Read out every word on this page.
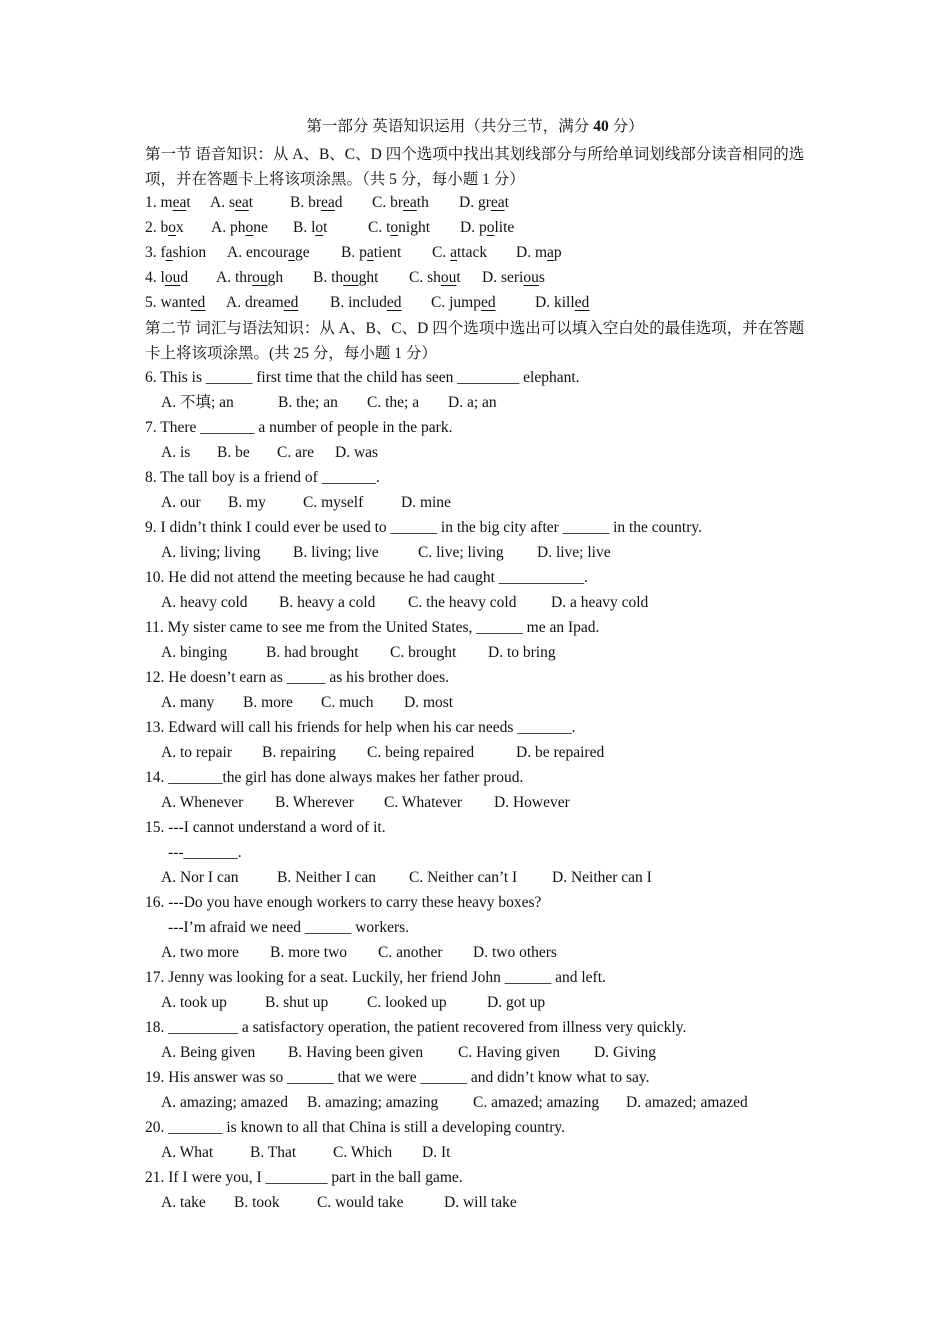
第一部分 英语知识运用（共分三节，满分 40 分）
第一节 语音知识：从 A、B、C、D 四个选项中找出其划线部分与所给单词划线部分读音相同的选项，并在答题卡上将该项涂黑。（共 5 分，每小题 1 分）
1. meat A. seat B. bread C. breath D. great
2. box A. phone B. lot	C. tonight D. polite
3. fashion A. encourage B. patient C. attack D. map
4. loud A. through B. thought C. shout D. serious
5. wanted A. dreamed B. included C. jumped	D. killed
第二节 词汇与语法知识：从 A、B、C、D 四个选项中选出可以填入空白处的最佳选项，并在答题卡上将该项涂黑。(共 25 分，每小题 1 分）
6. This is ______ first time that the child has seen ________ elephant.
A. 不填; an	B. the; an C. the; a D. a; an
7. There _______ a number of people in the park.
A. is B. be C. are D. was
8. The tall boy is a friend of _______.
A. our B. my C. myself D. mine
9. I didn’t think I could ever be used to ______ in the big city after ______ in the country.
A. living; living B. living; live	C. live; living D. live; live
10. He did not attend the meeting because he had caught ___________.
A. heavy cold B. heavy a cold C. the heavy cold D. a heavy cold
11. My sister came to see me from the United States, ______ me an Ipad.
A. binging B. had brought C. brought D. to bring
12. He doesn’t earn as _____ as his brother does.
A. many B. more C. much D. most
13. Edward will call his friends for help when his car needs _______.
A. to repair B. repairing C. being repaired	D. be repaired
14. _______the girl has done always makes her father proud.
A. Whenever B. Wherever C. Whatever D. However
15. ---I cannot understand a word of it.
---_______.
A. Nor I can B. Neither I can C. Neither can’t I D. Neither can I
16. ---Do you have enough workers to carry these heavy boxes?
---I’m afraid we need ______ workers.
A. two more B. more two C. another D. two others
17. Jenny was looking for a seat. Luckily, her friend John ______ and left.
A. took up B. shut up C. looked up	D. got up
18. _________ a satisfactory operation, the patient recovered from illness very quickly.
A. Being given B. Having been given C. Having given D. Giving
19. His answer was so ______ that we were ______ and didn’t know what to say.
A. amazing; amazed B. amazing; amazing C. amazed; amazing D. amazed; amazed
20. _______ is known to all that China is still a developing country.
A. What B. That C. Which D. It
21. If I were you, I ________ part in the ball game.
A. take B. took C. would take	D. will take
